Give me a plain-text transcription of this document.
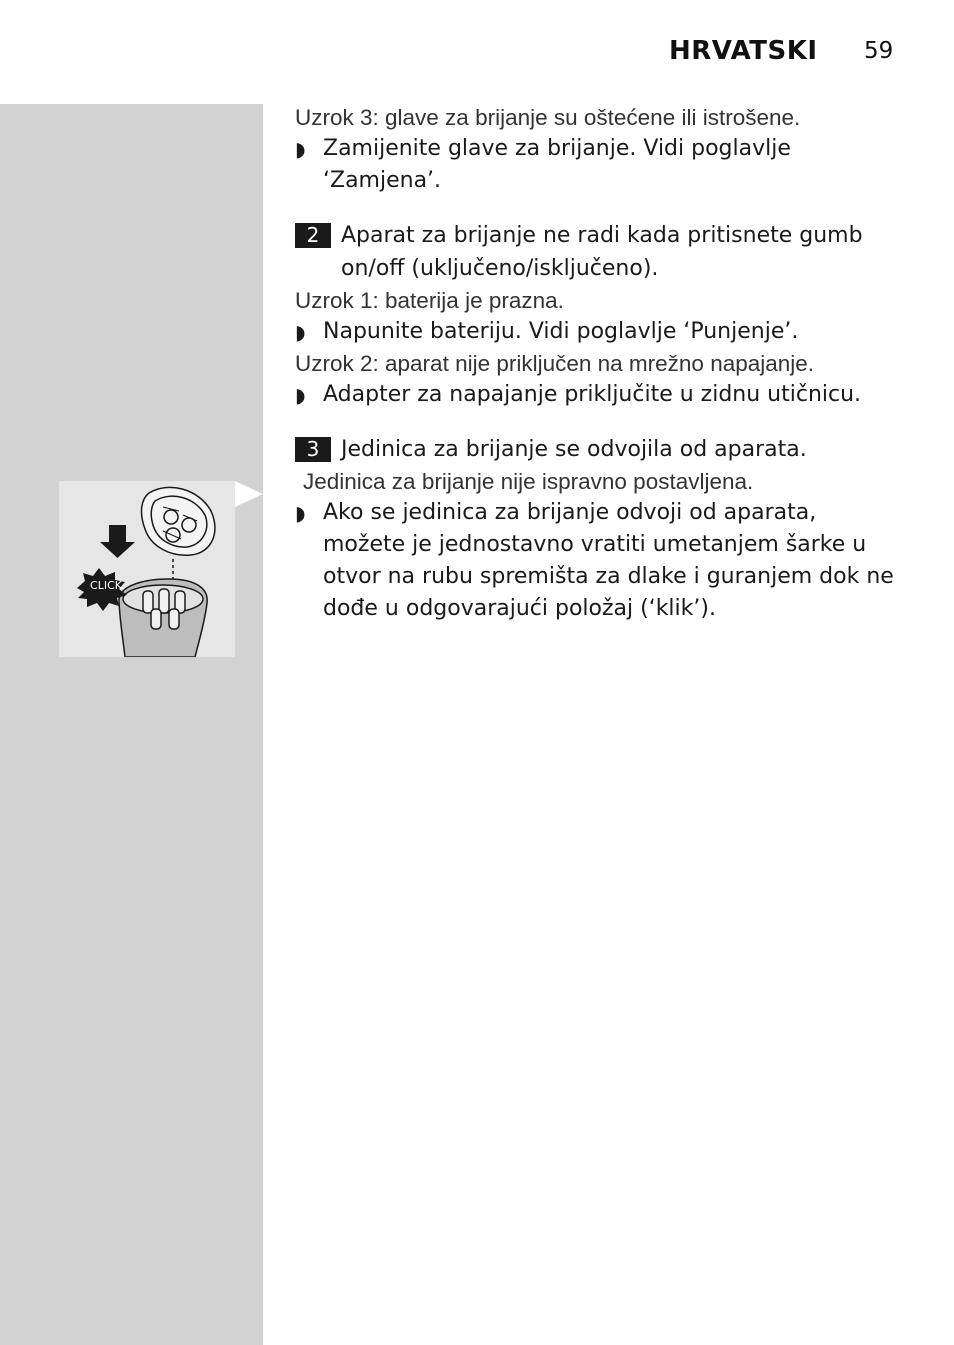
HRVATSKI 59

Uzrok 3: glave za brijanje su oštećene ili istrošene.

◗ Zamijenite glave za brijanje. Vidi poglavlje ‘Zamjena’.

2 Aparat za brijanje ne radi kada pritisnete gumb on/off (uključeno/isključeno).

Uzrok 1: baterija je prazna.

◗ Napunite bateriju. Vidi poglavlje ‘Punjenje’.

Uzrok 2: aparat nije priključen na mrežno napajanje.

◗ Adapter za napajanje priključite u zidnu utičnicu.

3 Jedinica za brijanje se odvojila od aparata.

Jedinica za brijanje nije ispravno postavljena.

◗ Ako se jedinica za brijanje odvoji od aparata, možete je jednostavno vratiti umetanjem šarke u otvor na rubu spremišta za dlake i guranjem dok ne dođe u odgovarajući položaj (‘klik’).

CLICK
